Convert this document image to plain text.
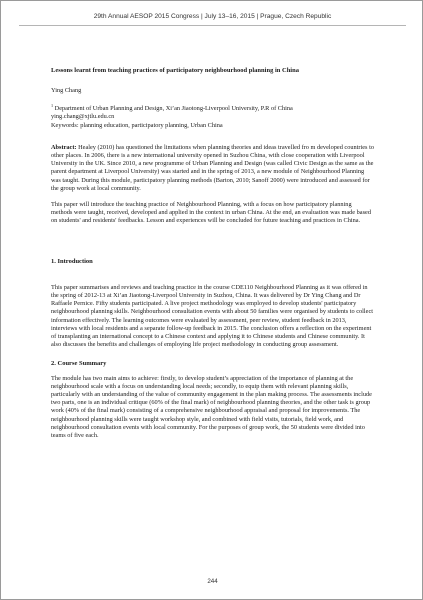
29th Annual AESOP 2015 Congress | July 13–16, 2015 | Prague, Czech Republic
Lessons learnt from teaching practices of participatory neighbourhood planning in China
Ying Chang
$^1$ Department of Urban Planning and Design, Xi’an Jiaotong-Liverpool University, P.R of China
ying.chang@xjtlu.edu.cn
Keywords: planning education, participatory planning, Urban China

Abstract: Healey (2010) has questioned the limitations when planning theories and ideas travelled fro m developed countries to other places. In 2006, there is a new international university opened in Suzhou China, with close cooperation with Liverpool University in the UK. Since 2010, a new programme of Urban Planning and Design (was called Civic Design as the same as the parent department at Liverpool University) was started and in the spring of 2013, a new module of Neighbourhood Planning was taught. During this module, participatory planning methods (Barton, 2010; Sanoff 2000) were introduced and assessed for the group work at local community.

This paper will introduce the teaching practice of Neighbourhood Planning, with a focus on how participatory planning methods were taught, received, developed and applied in the context in urban China. At the end, an evaluation was made based on students' and residents' feedbacks. Lesson and experiences will be concluded for future teaching and practices in China.

1. Introduction

This paper summarises and reviews and teaching practice in the course CDE110 Neighbourhood Planning as it was offered in the spring of 2012-13 at Xi’an Jiaotong-Liverpool University in Suzhou, China. It was delivered by Dr Ying Chang and Dr Raffaele Pernice. Fifty students participated. A live project methodology was employed to develop students' participatory neighbourhood planning skills. Neighbourhood consultation events with about 50 families were organised by students to collect information effectively. The learning outcomes were evaluated by assessment, peer review, student feedback in 2013, interviews with local residents and a separate follow-up feedback in 2015. The conclusion offers a reflection on the experiment of transplanting an international concept to a Chinese context and applying it to Chinese students and Chinese community. It also discusses the benefits and challenges of employing life project methodology in conducting group assessment.

2. Course Summary

The module has two main aims to achieve: firstly, to develop student’s appreciation of the importance of planning at the neighbourhood scale with a focus on understanding local needs; secondly, to equip them with relevant planning skills, particularly with an understanding of the value of community engagement in the plan making process. The assessments include two parts, one is an individual critique (60% of the final mark) of neighbourhood planning theories, and the other task is group work (40% of the final mark) consisting of a comprehensive neighbourhood appraisal and proposal for improvements. The neighbourhood planning skills were taught workshop style, and combined with field visits, tutorials, field work, and neighbourhood consultation events with local community. For the purposes of group work, the 50 students were divided into teams of five each.

244
